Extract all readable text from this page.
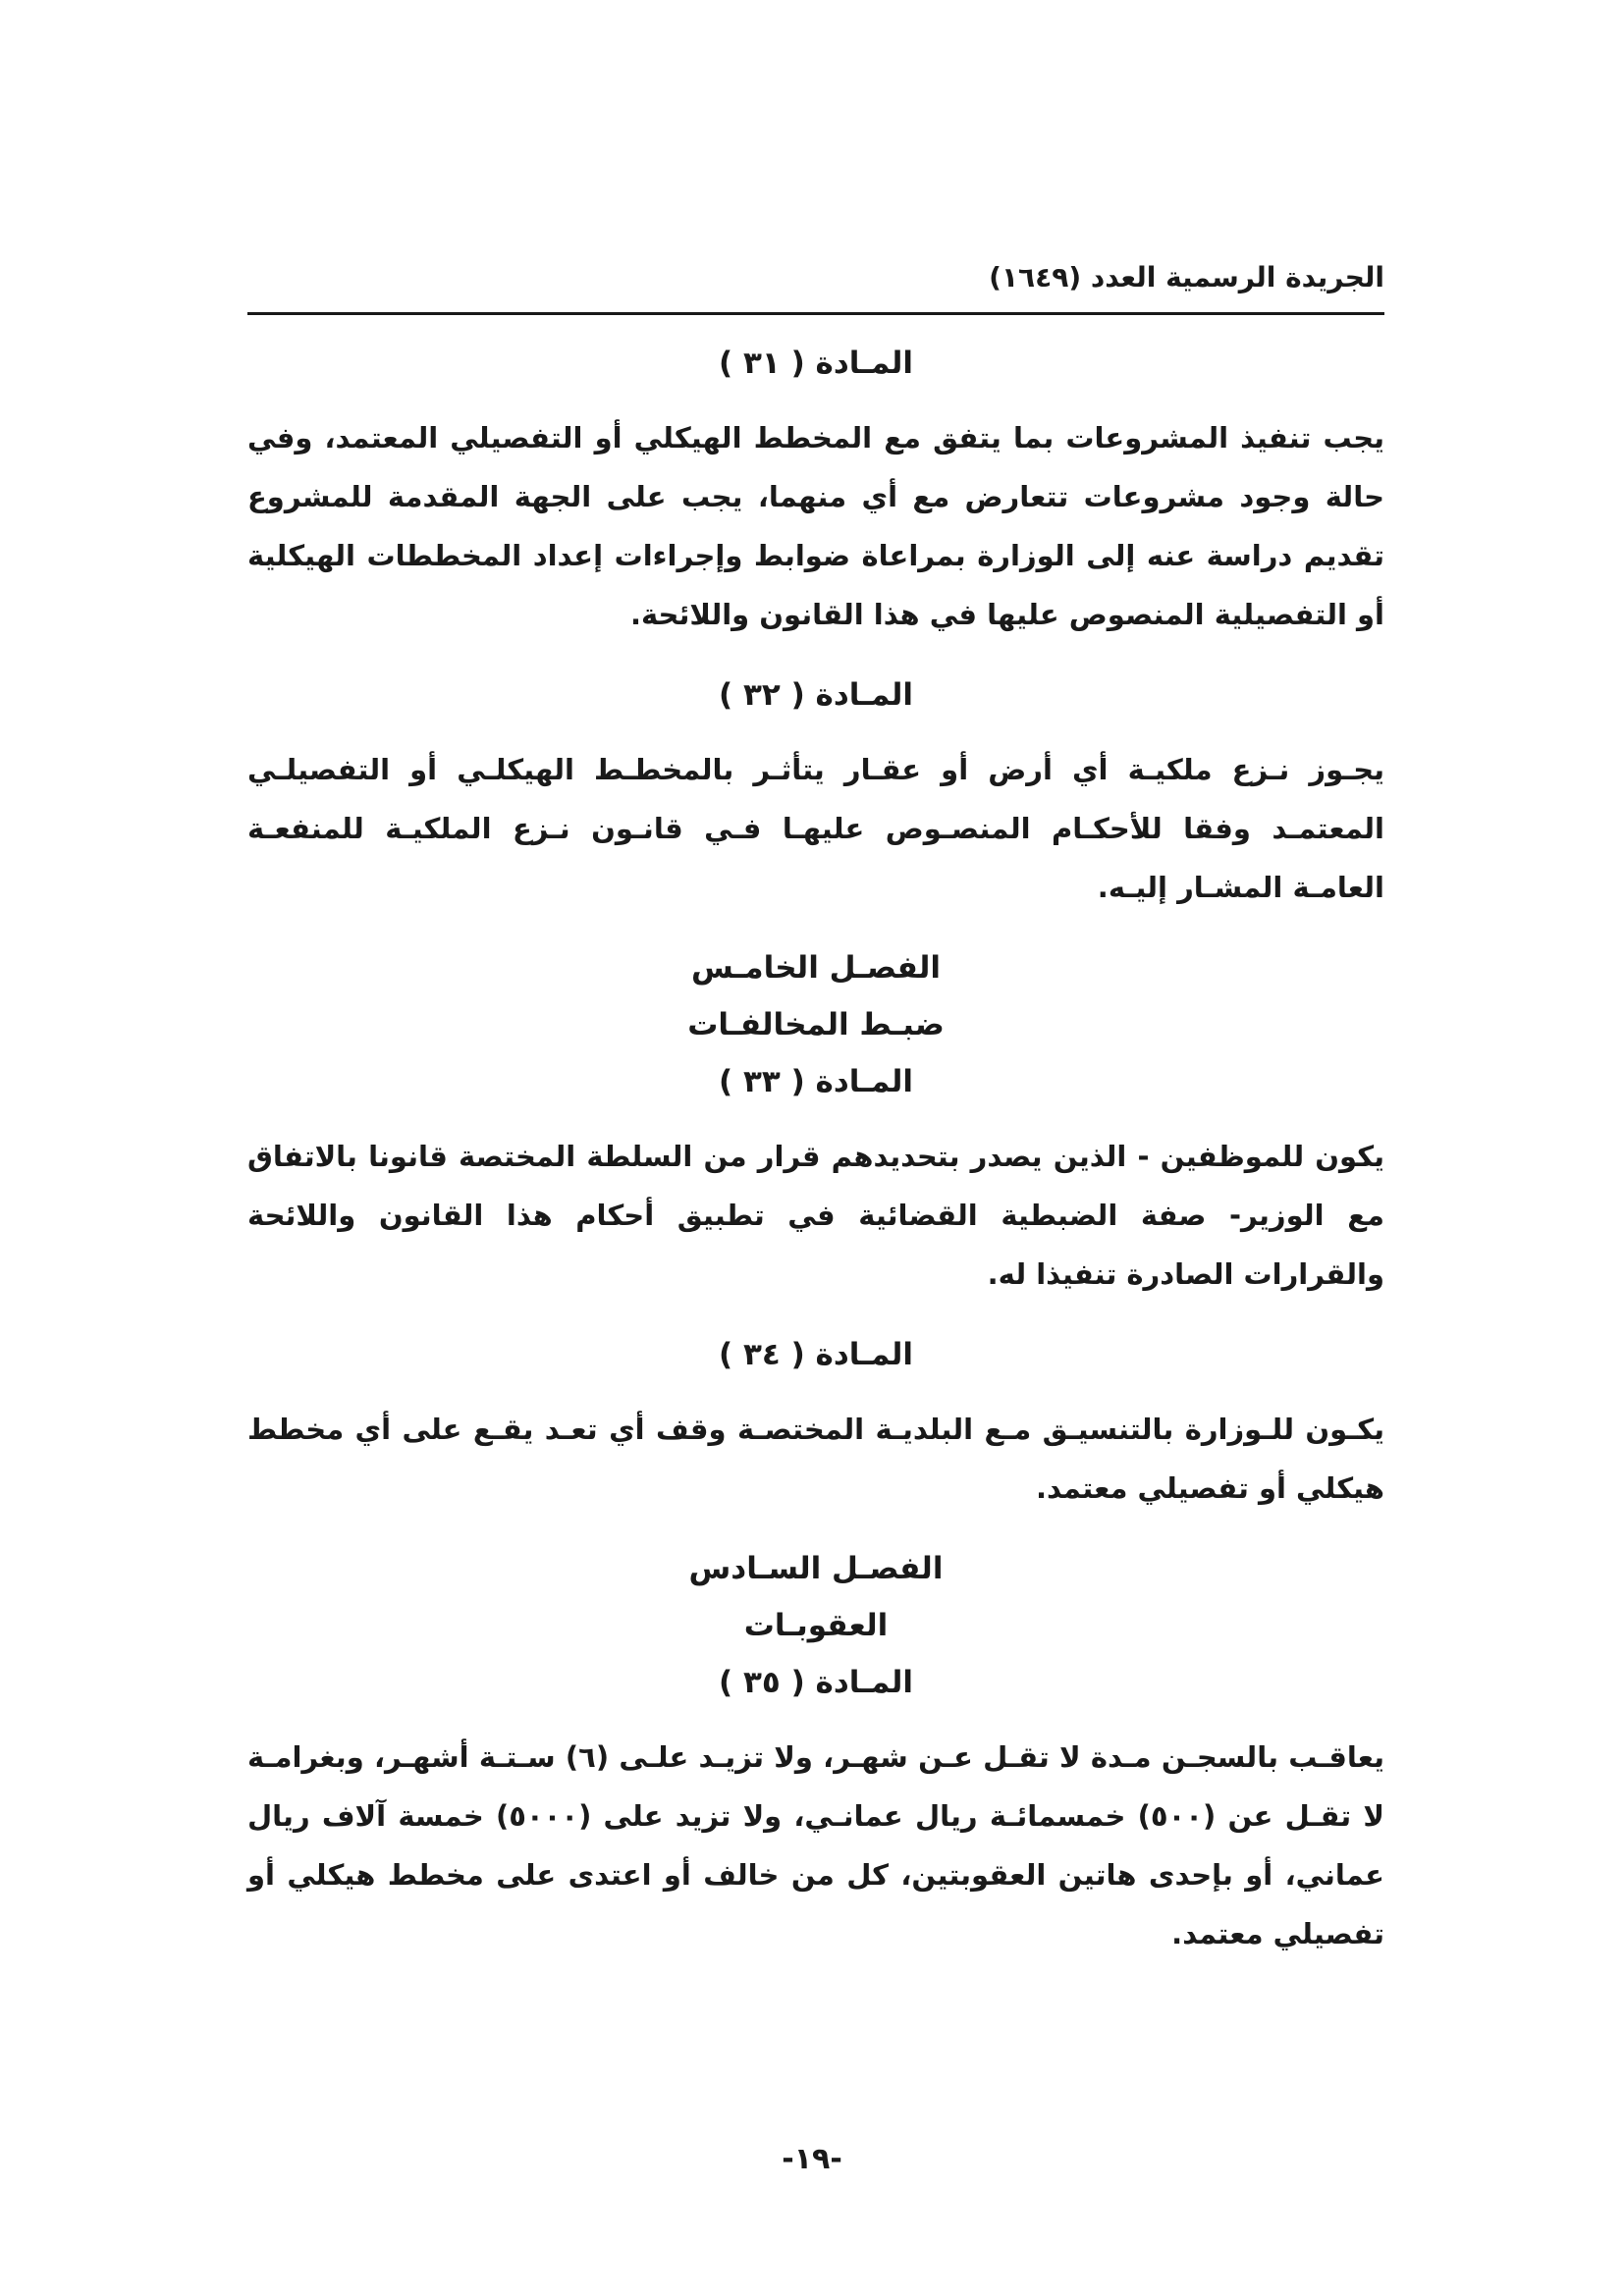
الجريدة الرسمية العدد (١٦٤٩)
المـادة ( ٣١ )

يجب تنفيذ المشروعات بما يتفق مع المخطط الهيكلي أو التفصيلي المعتمد، وفي حالة وجود مشروعات تتعارض مع أي منهما، يجب على الجهة المقدمة للمشروع تقديم دراسة عنه إلى الوزارة بمراعاة ضوابط وإجراءات إعداد المخططات الهيكلية أو التفصيلية المنصوص عليها في هذا القانون واللائحة.

المـادة ( ٣٢ )

يجـوز نـزع ملكيـة أي أرض أو عقـار يتأثـر بالمخطـط الهيكلـي أو التفصيلـي المعتمـد وفقا للأحكـام المنصـوص عليهـا فـي قانـون نـزع الملكيـة للمنفعـة العامـة المشـار إليـه.

الفصـل الخامـس
ضبـط المخالفـات
المـادة ( ٣٣ )

يكون للموظفين - الذين يصدر بتحديدهم قرار من السلطة المختصة قانونا بالاتفاق مع الوزير- صفة الضبطية القضائية في تطبيق أحكام هذا القانون واللائحة والقرارات الصادرة تنفيذا له.

المـادة ( ٣٤ )

يكـون للـوزارة بالتنسيـق مـع البلديـة المختصـة وقف أي تعـد يقـع على أي مخطط هيكلي أو تفصيلي معتمد.

الفصـل السـادس
العقوبـات
المـادة ( ٣٥ )

يعاقـب بالسجـن مـدة لا تقـل عـن شهـر، ولا تزيـد علـى (٦) سـتـة أشهـر، وبغرامـة لا تقـل عن (٥٠٠) خمسمائـة ريال عمانـي، ولا تزيد على (٥٠٠٠) خمسة آلاف ريال عماني، أو بإحدى هاتين العقوبتين، كل من خالف أو اعتدى على مخطط هيكلي أو تفصيلي معتمد.

-١٩-
